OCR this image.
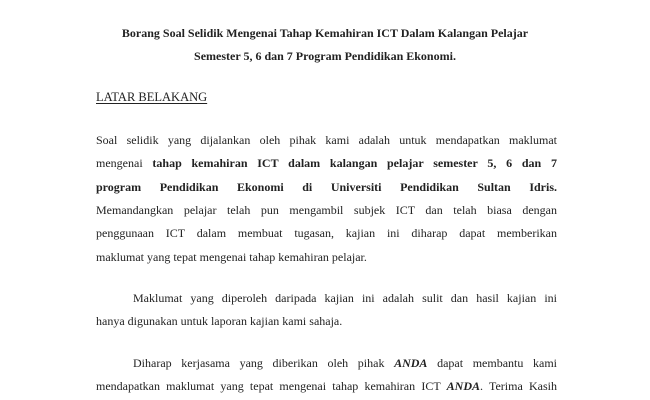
Borang Soal Selidik Mengenai Tahap Kemahiran ICT Dalam Kalangan Pelajar
Semester 5, 6 dan 7 Program Pendidikan Ekonomi.
LATAR BELAKANG
Soal selidik yang dijalankan oleh pihak kami adalah untuk mendapatkan maklumat
mengenai tahap kemahiran ICT dalam kalangan pelajar semester 5, 6 dan 7
program Pendidikan Ekonomi di Universiti Pendidikan Sultan Idris.
Memandangkan pelajar telah pun mengambil subjek ICT dan telah biasa dengan
penggunaan ICT dalam membuat tugasan, kajian ini diharap dapat memberikan
maklumat yang tepat mengenai tahap kemahiran pelajar.
Maklumat yang diperoleh daripada kajian ini adalah sulit dan hasil kajian ini
hanya digunakan untuk laporan kajian kami sahaja.
Diharap kerjasama yang diberikan oleh pihak ANDA dapat membantu kami
mendapatkan maklumat yang tepat mengenai tahap kemahiran ICT ANDA. Terima Kasih
